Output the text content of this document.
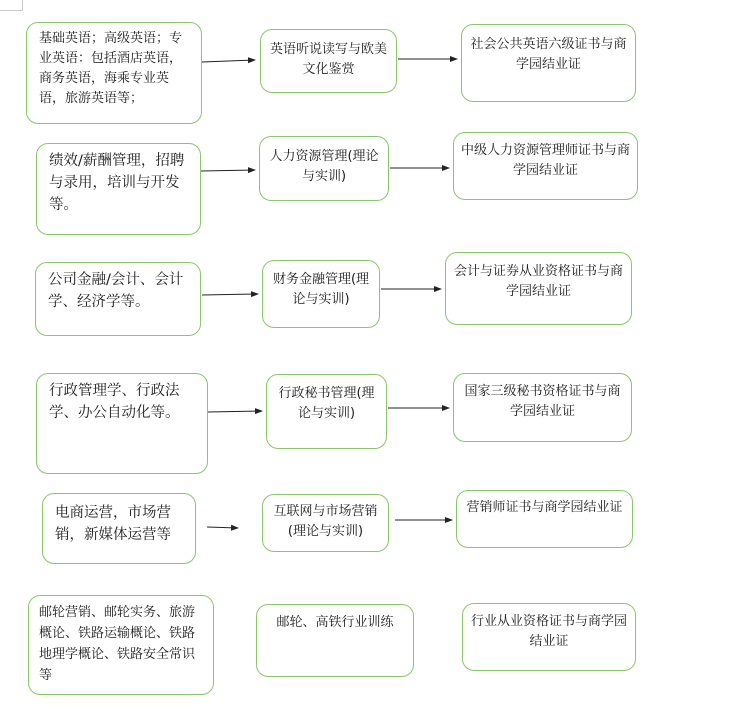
基础英语；高级英语；专业英语：包括酒店英语，商务英语，海乘专业英语，旅游英语等；
英语听说读写与欧美文化鉴赏
社会公共英语六级证书与商学园结业证
绩效/薪酬管理，招聘与录用，培训与开发等。
人力资源管理(理论与实训)
中级人力资源管理师证书与商学园结业证
公司金融/会计、会计学、经济学等。
财务金融管理(理论与实训)
会计与证券从业资格证书与商学园结业证
行政管理学、行政法学、办公自动化等。
行政秘书管理(理论与实训)
国家三级秘书资格证书与商学园结业证
电商运营，市场营销，新媒体运营等
互联网与市场营销(理论与实训)
营销师证书与商学园结业证
邮轮营销、邮轮实务、旅游概论、铁路运输概论、铁路地理学概论、铁路安全常识等
邮轮、高铁行业训练	行业从业资格证书与商学园结业证
